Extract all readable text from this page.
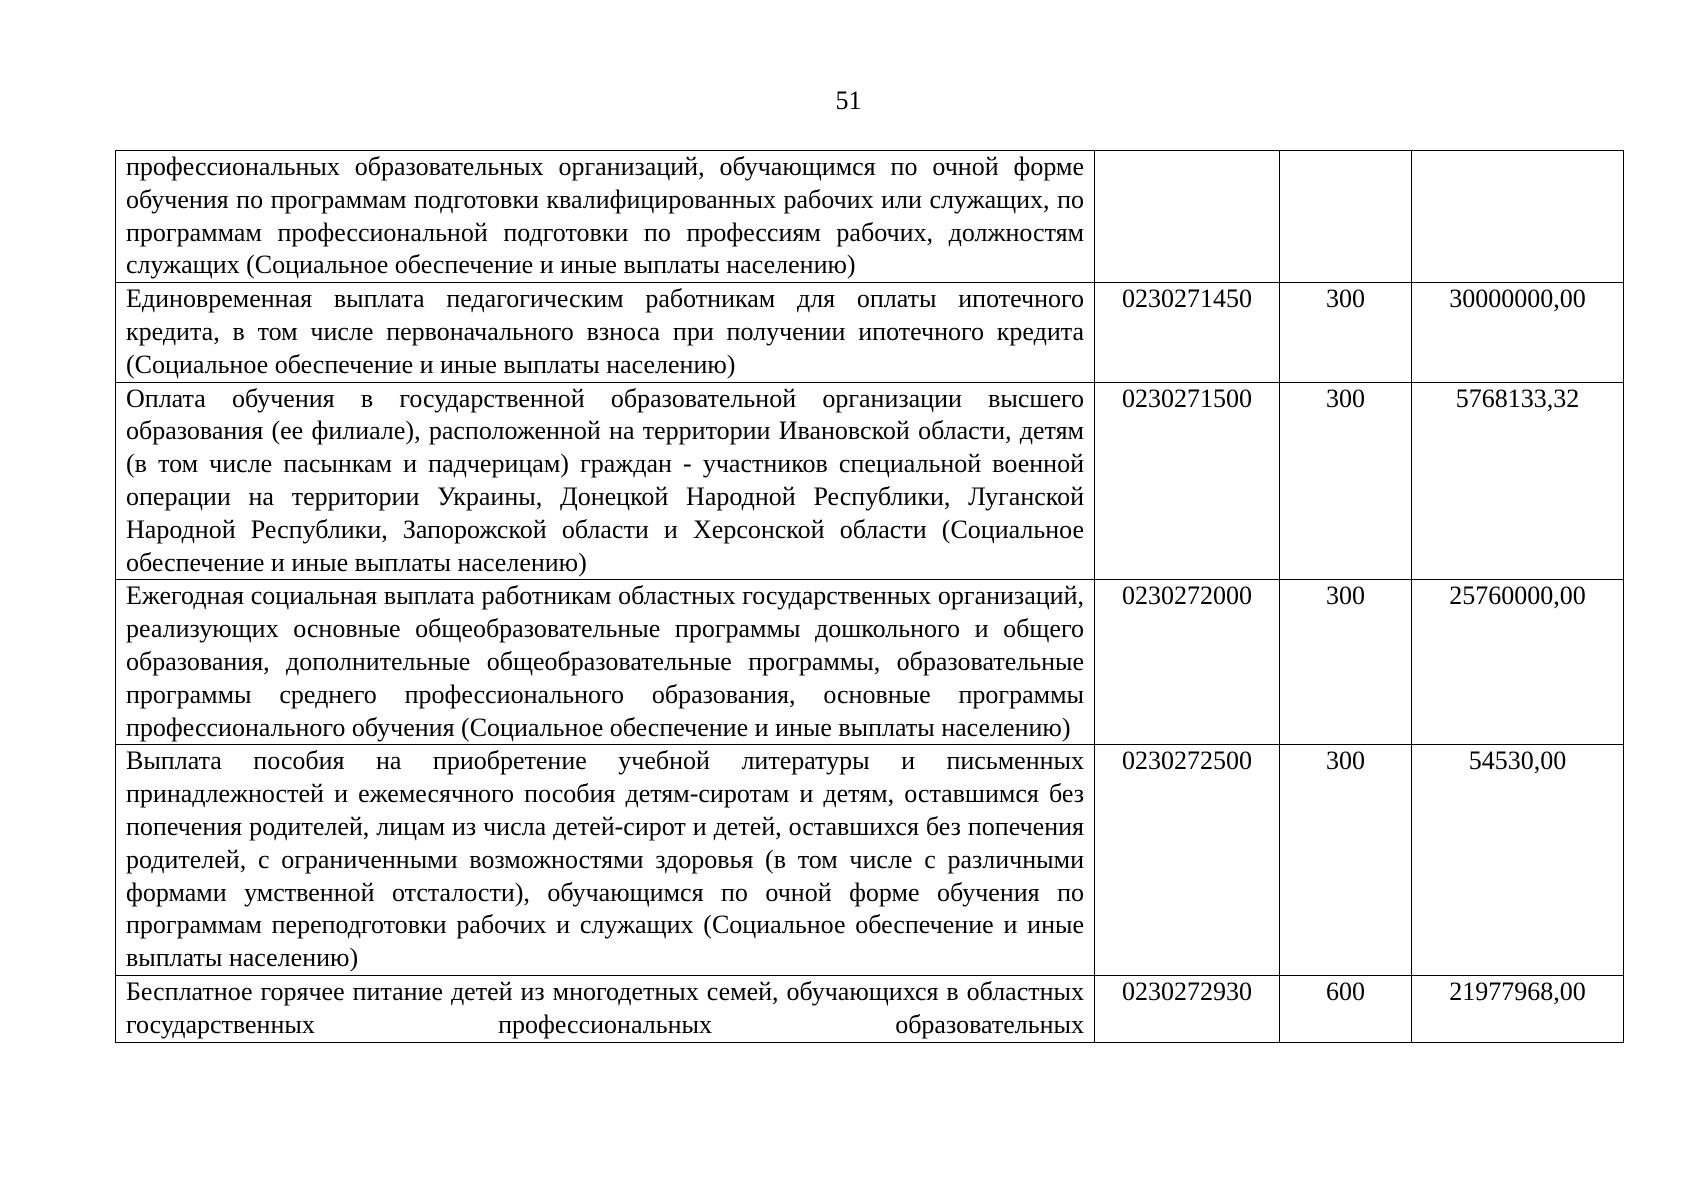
51
профессиональных образовательных организаций, обучающимся по очной форме обучения по программам подготовки квалифицированных рабочих или служащих, по программам профессиональной подготовки по профессиям рабочих, должностям служащих (Социальное обеспечение и иные выплаты населению)			
Единовременная выплата педагогическим работникам для оплаты ипотечного кредита, в том числе первоначального взноса при получении ипотечного кредита (Социальное обеспечение и иные выплаты населению)	0230271450	300	30000000,00
Оплата обучения в государственной образовательной организации высшего образования (ее филиале), расположенной на территории Ивановской области, детям (в том числе пасынкам и падчерицам) граждан - участников специальной военной операции на территории Украины, Донецкой Народной Республики, Луганской Народной Республики, Запорожской области и Херсонской области (Социальное обеспечение и иные выплаты населению)	0230271500	300	5768133,32
Ежегодная социальная выплата работникам областных государственных организаций, реализующих основные общеобразовательные программы дошкольного и общего образования, дополнительные общеобразовательные программы, образовательные программы среднего профессионального образования, основные программы профессионального обучения (Социальное обеспечение и иные выплаты населению)	0230272000	300	25760000,00
Выплата пособия на приобретение учебной литературы и письменных принадлежностей и ежемесячного пособия детям-сиротам и детям, оставшимся без попечения родителей, лицам из числа детей-сирот и детей, оставшихся без попечения родителей, с ограниченными возможностями здоровья (в том числе с различными формами умственной отсталости), обучающимся по очной форме обучения по программам переподготовки рабочих и служащих (Социальное обеспечение и иные выплаты населению)	0230272500	300	54530,00
Бесплатное горячее питание детей из многодетных семей, обучающихся в областных государственных профессиональных образовательных	0230272930	600	21977968,00
